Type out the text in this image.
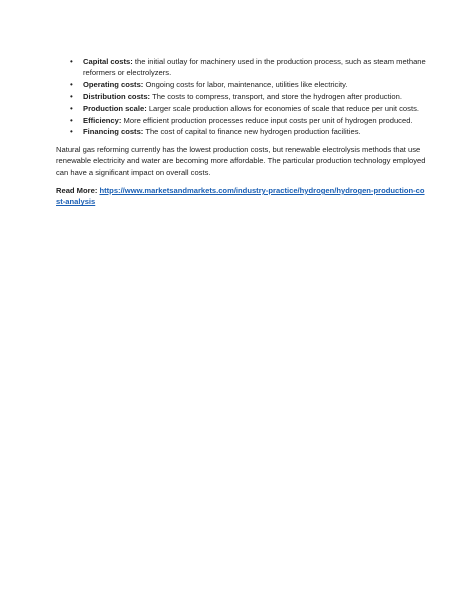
• Capital costs: the initial outlay for machinery used in the production process, such as steam methane reformers or electrolyzers.
• Operating costs: Ongoing costs for labor, maintenance, utilities like electricity.
• Distribution costs: The costs to compress, transport, and store the hydrogen after production.
• Production scale: Larger scale production allows for economies of scale that reduce per unit costs.
• Efficiency: More efficient production processes reduce input costs per unit of hydrogen produced.
• Financing costs: The cost of capital to finance new hydrogen production facilities.

Natural gas reforming currently has the lowest production costs, but renewable electrolysis methods that use renewable electricity and water are becoming more affordable. The particular production technology employed can have a significant impact on overall costs.

Read More: https://www.marketsandmarkets.com/industry-practice/hydrogen/hydrogen-production-cost-analysis
